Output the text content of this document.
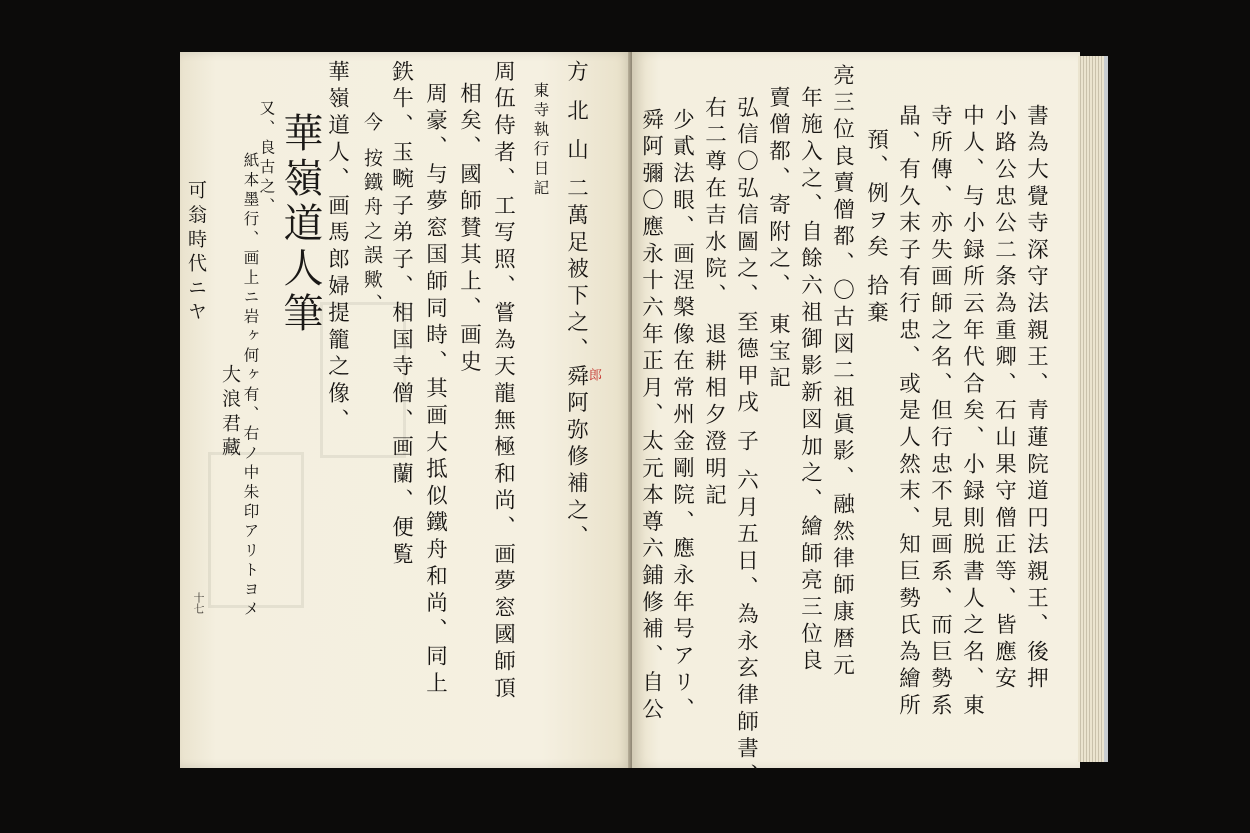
方 北 山 二萬足被下之、舜阿弥修補之、
東寺執行日記
周伍侍者、工写照、嘗為天龍無極和尚、画夢窓國師頂
相矣、國師賛其上、画史
周豪、与夢窓国師同時、其画大抵似鐵舟和尚、同上
鉄牛、玉畹子弟子、相国寺僧、画蘭、便覧
今 按鐵舟之誤歟、
華嶺道人、画馬郎婦提籠之像、
華嶺道人筆
郎
紙本墨行、画上ニ岩ヶ何ヶ有、右ノ中朱印アリトヨメ
又、良古之、
大浪君藏
可翁時代ニヤ	書為大覺寺深守法親王、青蓮院道円法親王、後押
小路公忠公二条為重卿、石山果守僧正等、皆應安
中人、与小録所云年代合矣、小録則脱書人之名、東
寺所傳、亦失画師之名、但行忠不見画系、而巨勢系
晶、有久末子有行忠、或是人然末、知巨勢氏為繪所
預、例ヲ矣 拾棄
亮三位良賣僧都、〇古図二祖眞影、融然律師康暦元
年施入之、自餘六祖御影新図加之、繪師亮三位良
賣僧都、寄附之、 東宝記
弘信〇弘信圖之、至德甲戌 子 六月五日、為永玄律師書、
右二尊在吉水院、 退耕相夕澄明記
少貳法眼、画涅槃像在常州金剛院、應永年号アリ、
舜阿彌〇應永十六年正月、太元本尊六鋪修補、自公
十七
